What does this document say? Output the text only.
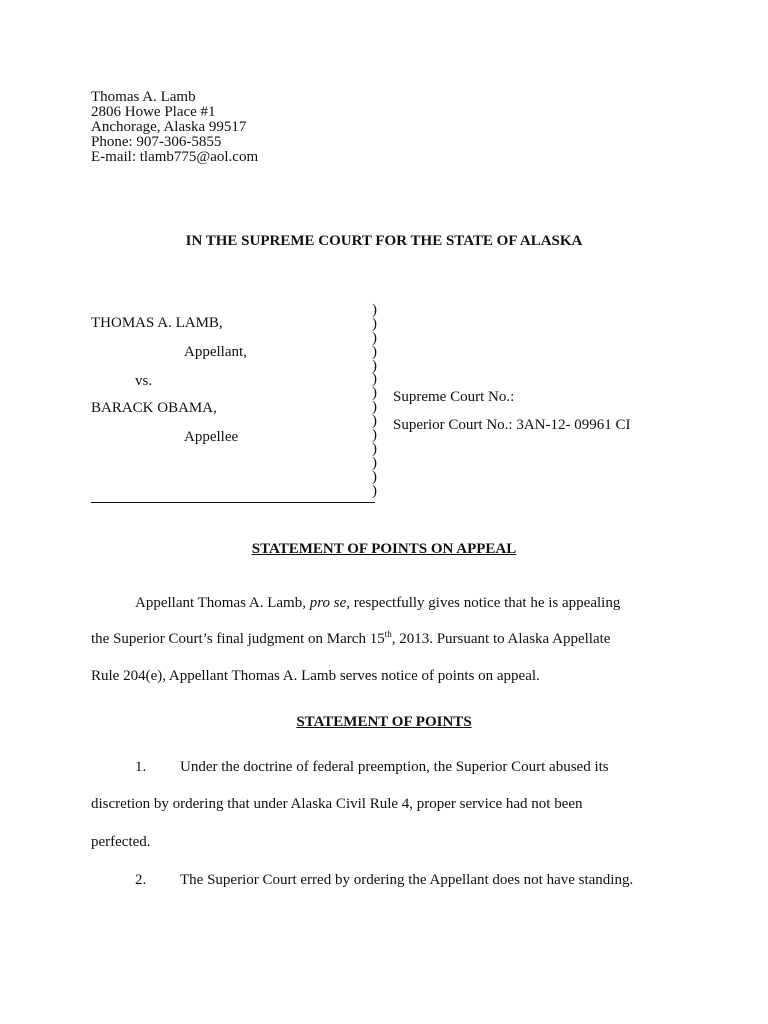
Thomas A. Lamb
2806 Howe Place #1
Anchorage, Alaska 99517
Phone: 907-306-5855
E-mail: tlamb775@aol.com
IN THE SUPREME COURT FOR THE STATE OF ALASKA
THOMAS A. LAMB,
Appellant,
vs.
BARACK OBAMA,
Appellee
)
)
)
)
)
)
)
)
)
)
)
)
)
)
Supreme Court No.:
Superior Court No.: 3AN-12- 09961 CI
STATEMENT OF POINTS ON APPEAL
Appellant Thomas A. Lamb, pro se, respectfully gives notice that he is appealing
the Superior Court’s final judgment on March 15th, 2013. Pursuant to Alaska Appellate
Rule 204(e), Appellant Thomas A. Lamb serves notice of points on appeal.
STATEMENT OF POINTS
1. Under the doctrine of federal preemption, the Superior Court abused its
discretion by ordering that under Alaska Civil Rule 4, proper service had not been
perfected.
2. The Superior Court erred by ordering the Appellant does not have standing.
